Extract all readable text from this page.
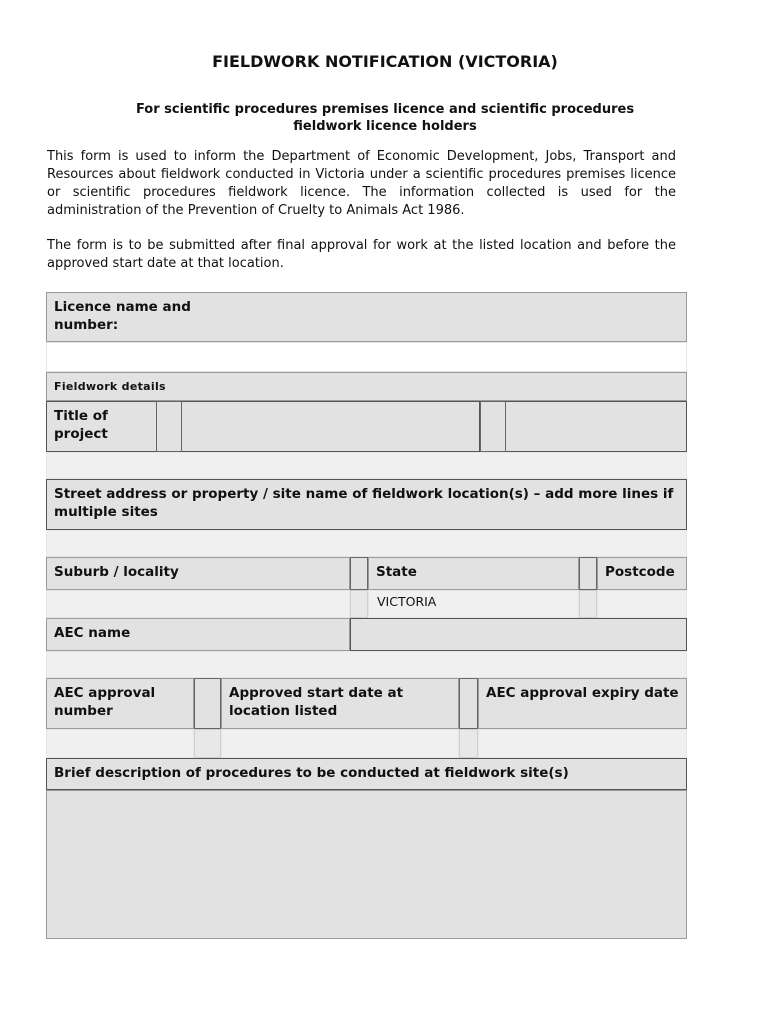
FIELDWORK NOTIFICATION (VICTORIA)
For scientific procedures premises licence and scientific procedures fieldwork licence holders
This form is used to inform the Department of Economic Development, Jobs, Transport and Resources about fieldwork conducted in Victoria under a scientific procedures premises licence or scientific procedures fieldwork licence. The information collected is used for the administration of the Prevention of Cruelty to Animals Act 1986.
The form is to be submitted after final approval for work at the listed location and before the approved start date at that location.
Licence name and number:
Fieldwork details
Title of project
Street address or property / site name of fieldwork location(s) – add more lines if multiple sites
Suburb / locality	State	Postcode
VICTORIA
AEC name
AEC approval number
Approved start date at location listed
AEC approval expiry date
Brief description of procedures to be conducted at fieldwork site(s)
